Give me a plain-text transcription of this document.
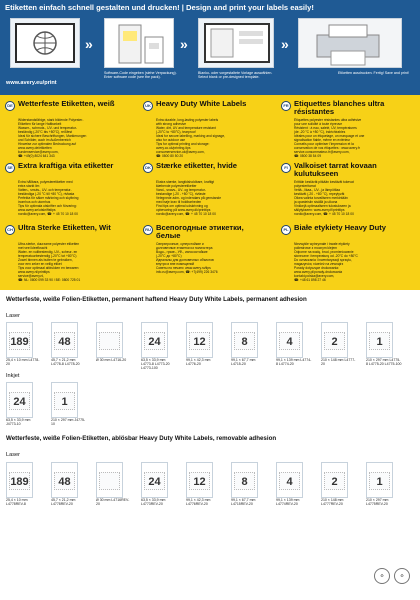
Etiketten einfach schnell gestalten und drucken! | Design and print your labels easily!
»
Software-Code eingeben (siehe Verpackung). Enter software code (see the pack).
»
Blanko- oder vorgestaltete Vorlage auswählen. Select blank or pre-designed template.
»
Etiketten ausdrucken. Fertig! Save and print!
www.avery.eu/print
DE Wetterfeste Etiketten, weiß
Widerstandsfähige, stark bildende Polyester-
Etiketten für lange Haltbarkeit
Wasser-, schmutz-, UV- und temperatur-
beständig (-20°C bis +80°C), reißfest
Ideal für sichere Beschriftungen, Markierungen
und Schilder, auch im Außenbereich
Hinweise zur optimalen Bedruckung auf
www.avery.de/etiketten
kundenservice@avery.com,
☎: +49(0) 8024 641 343
UK Heavy Duty White Labels
Extra durable, long-lasting polyester labels
with strong adhesive
Water, dirt, UV and temperature resistant
(-20°C to +80°C), tearproof
Ideal for secure labelling, marking and signage,
also for outdoor use
Tips for optimal printing and storage:
avery.co.uk/printing-tips
consumerservice-uk@avery.com,
☎: 0800 80 50 20
FR Etiquettes blanches ultra résistantes
Étiquettes polyester résistantes ultra adhésive
pour une solidité à toute épreuve
Résistent : à eau, saleté, UV, températures
(de -20 °C à +80 °C), indéchirables
Idéales pour un étiquetage, un marquage et une
signalisation fiable, même en extérieur
Conseils pour optimiser l'impression et la
conservation de vos étiquettes : www.avery.fr
service.consommateur-fr@avery.com,
☎: 0800 38 54 09
SE Extra kraftiga vita etiketter
Extra hållbara, polyesteretiketter med
extra starkt lim
Vatten-, smuts-, UV- och temperatur-
beständiga (-20 °C till +80 °C), rivfasta
Perfekta för säker märkning och skyltning
inomhus och utomhus
Tips för optimala utskrifter och förvaring:
www.avery.se/utskriftstips
nordic@avery.com, ☎: + 45 70 10 18 00
DK Stærke etiketter, hvide
Ekstra stærke, langtidsholdbare, kraftigt
klæbende polyesteretiketter
Vand-, snavs-, UV- og temperatur-
bestandige (-20 - +80 °C), rivfaste
Velegnede adm- og indendørs på genstande
med høje krav til holdbarheden
Find tips om optimal udskrivning og
opbevaring på www.avery.dk/printtips
nordic@avery.com, ☎: + 45 70 10 18 00
FI Valkoiset tarrat kovaan kulutukseen
Erittäin kestävät pitkään kestävät tukevat
polyesteritarrat
Vettä-, likaa-, UV-, ja lämpötilaa
kestävät (-20 - +80 °C), repeytyvät
Oikea valinta turvalliseen merkintään
ja opasteisiin sisällä ja ulkona
Vinkkejä optimaaliseen tulostukseen ja
säilytykseen: www.avery.fi/printtips
nordic@avery.com, ☎: + 45 70 10 18 00
CH Ultra Sterke Etiketten, Wit
Ultra-sterke, duurzame polyester etiketten
met veel kleefkracht
Water- en vuilbestendig, UV-, scheur- en
temperatuurbestendig (-20°C tot +80°C)
Zowel binnen als buiten te gebruiken,
voor een zeker en veilig etiket
Tips voor optimaal afdrukken en bewaren:
www.avery.nl/printtips
service@avery.nl,
☎: NL: 0800 099 33 90 / BE: 0800 725 01
RU Всепогодные этикетки, белые
Сверхпрочные, суперстойкие и
долговечные этикетки из полиэстера
Водо-, грязе-, УФ-, износостойкие
(-20°C до +80°C)
Идеальны для долговечных объектов
внутри и вне помещений
Советы по печати: www.avery.ru/tips
info-ru@avery.com, ☎: +7(499) 226 3476
PL Białe etykiety Heavy Duty
Niezwykle wytrzymałe i trwałe etykiety
poliestrowe z mocnym klejem
Odporne na wodę, brud, promieniowanie
słoneczne i temperaturę od -20°C do +80°C
Do oznaczania i inwentaryzacji sprzętu,
magazynów, również na zewnątrz
Porady dotyczące drukowania:
www.avery.pl/porady-drukowania
kontakt.polska@avery.com,
☎: +48 61 898 27 46
Wetterfeste, weiße Folien-Etiketten, permanent haftend Heavy Duty White Labels, permanent adhesion
Laser
189
25,4 × 10 mm L4778-20
48
45,7 × 21,2 mm L4778-8 L4778-20
Ø 30 mm L4716-20
24
63,5 × 33,9 mm L4773-8 L4773-20 L4773-100
12
99,1 × 42,3 mm L4776-20
8
99,1 × 67,7 mm L4715-20
4
99,1 × 139 mm L4774-8 L4774-20
2
210 × 148 mm L4777-20
1
210 × 297 mm L4775-8 L4775-20 L4775-100
Inkjet
24
63,5 × 33,9 mm J4773-10
1
210 × 297 mm J4775-10
Wetterfeste, weiße Folien-Etiketten, ablösbar Heavy Duty White Labels, removable adhesion
Laser
189
25,4 × 10 mm L4778REV-8
48
45,7 × 21,2 mm L4778REV-20
Ø 30 mm L4716REV-20
24
63,5 × 33,9 mm L4773REV-20
12
99,1 × 42,3 mm L4776REV-20
8
99,1 × 67,7 mm L4715REV-20
4
99,1 × 139 mm L4774REV-20
2
210 × 148 mm L4777REV-20
1
210 × 297 mm L4775REV-20
♻	♻
